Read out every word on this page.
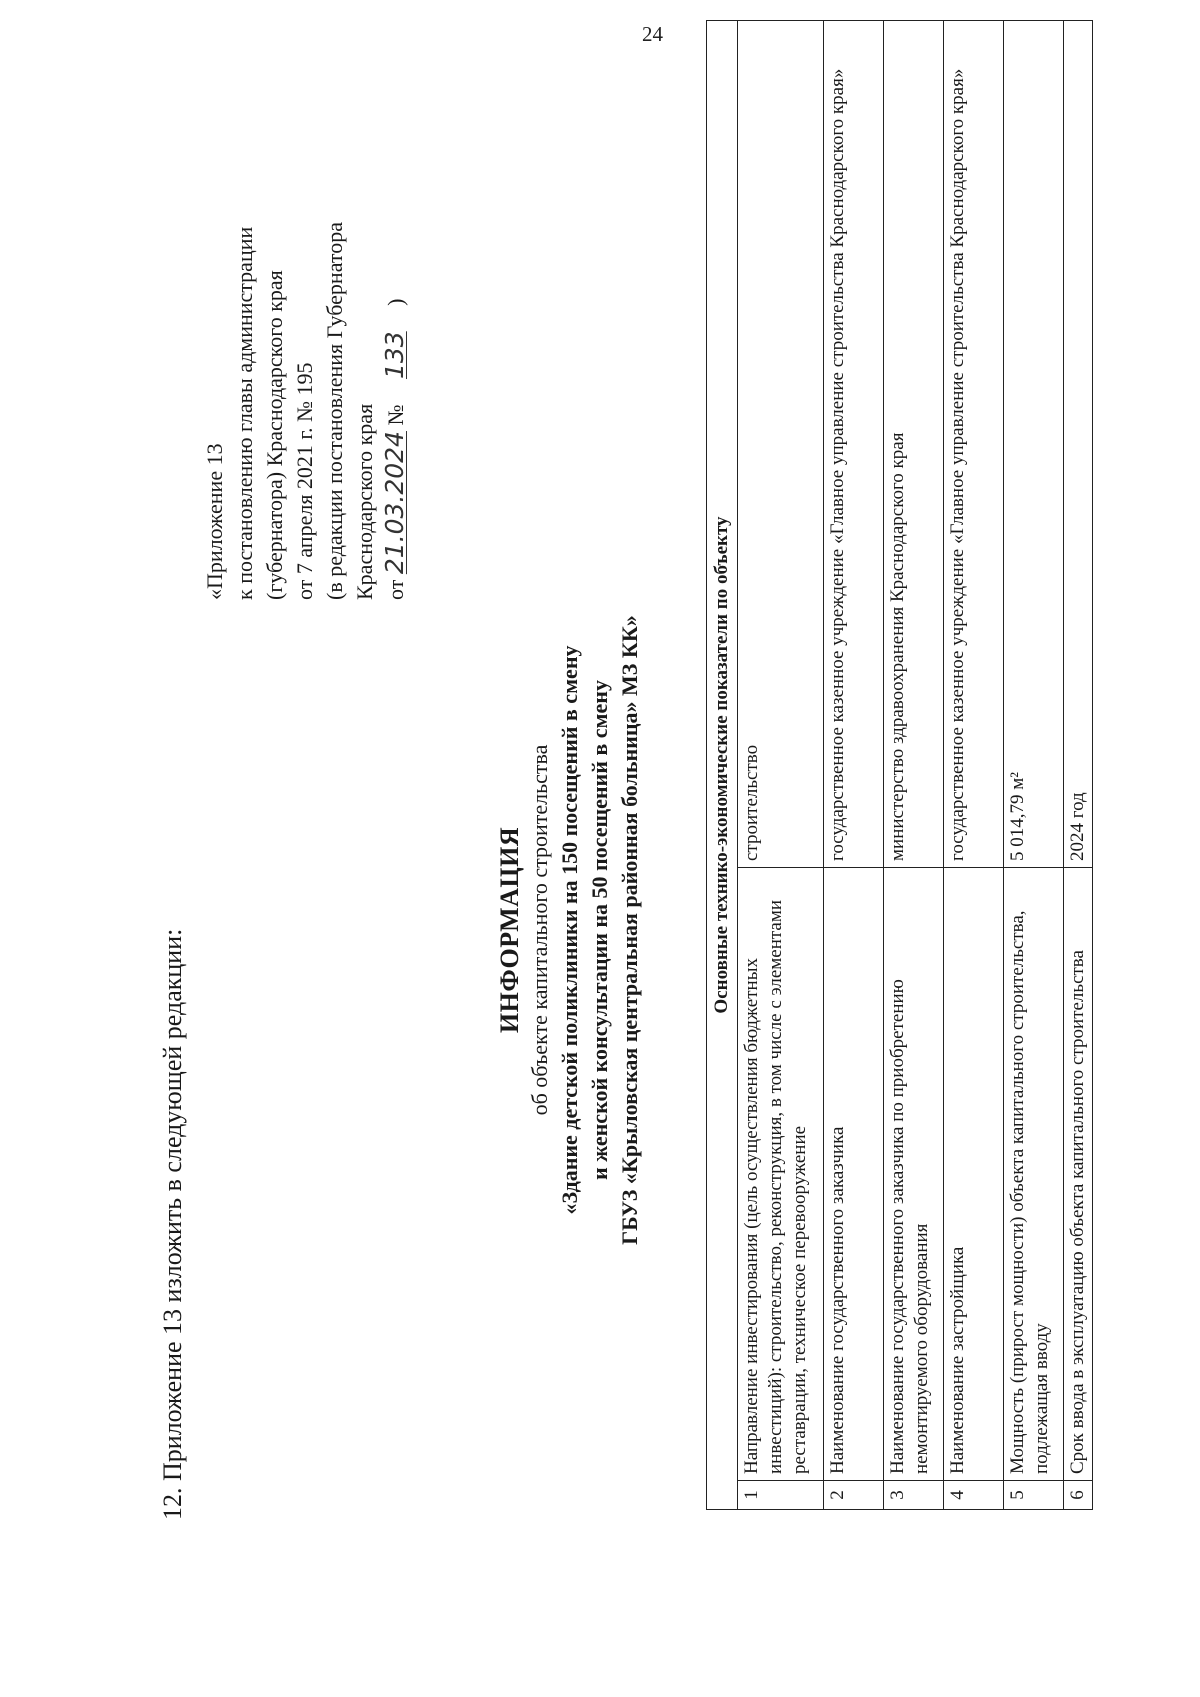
24
12. Приложение 13 изложить в следующей редакции:
«Приложение 13 к постановлению главы администрации (губернатора) Краснодарского края от 7 апреля 2021 г. № 195 (в редакции постановления Губернатора Краснодарского края от 21.03.2024 № 133 )
ИНФОРМАЦИЯ об объекте капитального строительства «Здание детской поликлиники на 150 посещений в смену и женской консультации на 50 посещений в смену ГБУЗ «Крыловская центральная районная больница» МЗ КК»	Основные технико-экономические показатели по объекту		
1	Направление инвестирования (цель осуществления бюджетных инвестиций): строительство, реконструкция, в том числе с элементами реставрации, техническое перевооружение	строительство
2	Наименование государственного заказчика	государственное казенное учреждение «Главное управление строительства Краснодарского края»
3	Наименование государственного заказчика по приобретению немонтируемого оборудования	министерство здравоохранения Краснодарского края
4	Наименование застройщика	государственное казенное учреждение «Главное управление строительства Краснодарского края»
5	Мощность (прирост мощности) объекта капитального строительства, подлежащая вводу	5 014,79 м²
6	Срок ввода в эксплуатацию объекта капитального строительства	2024 год
